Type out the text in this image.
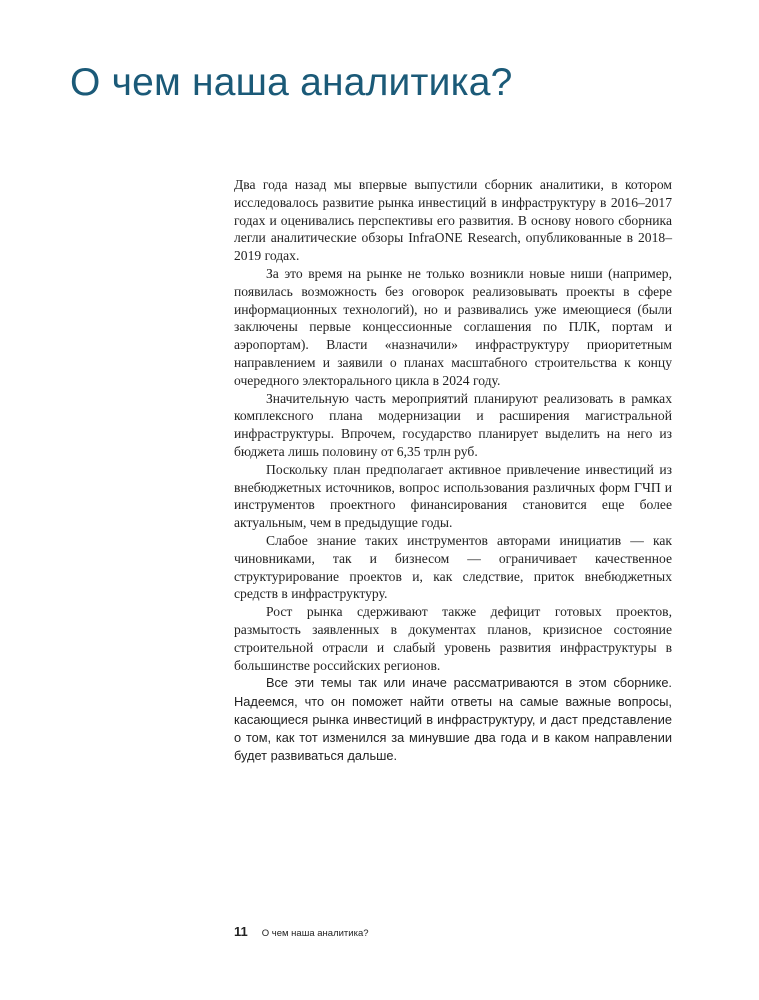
О чем наша аналитика?

Два года назад мы впервые выпустили сборник аналитики, в котором исследовалось развитие рынка инвестиций в инфраструктуру в 2016–2017 годах и оценивались перспективы его развития. В основу нового сборника легли аналитические обзоры InfraONE Research, опубликованные в 2018–2019 годах.

За это время на рынке не только возникли новые ниши (например, появилась возможность без оговорок реализовывать проекты в сфере информационных технологий), но и развивались уже имеющиеся (были заключены первые концессионные соглашения по ПЛК, портам и аэропортам). Власти «назначили» инфраструктуру приоритетным направлением и заявили о планах масштабного строительства к концу очередного электорального цикла в 2024 году.

Значительную часть мероприятий планируют реализовать в рамках комплексного плана модернизации и расширения магистральной инфраструктуры. Впрочем, государство планирует выделить на него из бюджета лишь половину от 6,35 трлн руб.

Поскольку план предполагает активное привлечение инвестиций из внебюджетных источников, вопрос использования различных форм ГЧП и инструментов проектного финансирования становится еще более актуальным, чем в предыдущие годы.

Слабое знание таких инструментов авторами инициатив — как чиновниками, так и бизнесом — ограничивает качественное структурирование проектов и, как следствие, приток внебюджетных средств в инфраструктуру.

Рост рынка сдерживают также дефицит готовых проектов, размытость заявленных в документах планов, кризисное состояние строительной отрасли и слабый уровень развития инфраструктуры в большинстве российских регионов.

Все эти темы так или иначе рассматриваются в этом сборнике. Надеемся, что он поможет найти ответы на самые важные вопросы, касающиеся рынка инвестиций в инфраструктуру, и даст представление о том, как тот изменился за минувшие два года и в каком направлении будет развиваться дальше.

11 О чем наша аналитика?
